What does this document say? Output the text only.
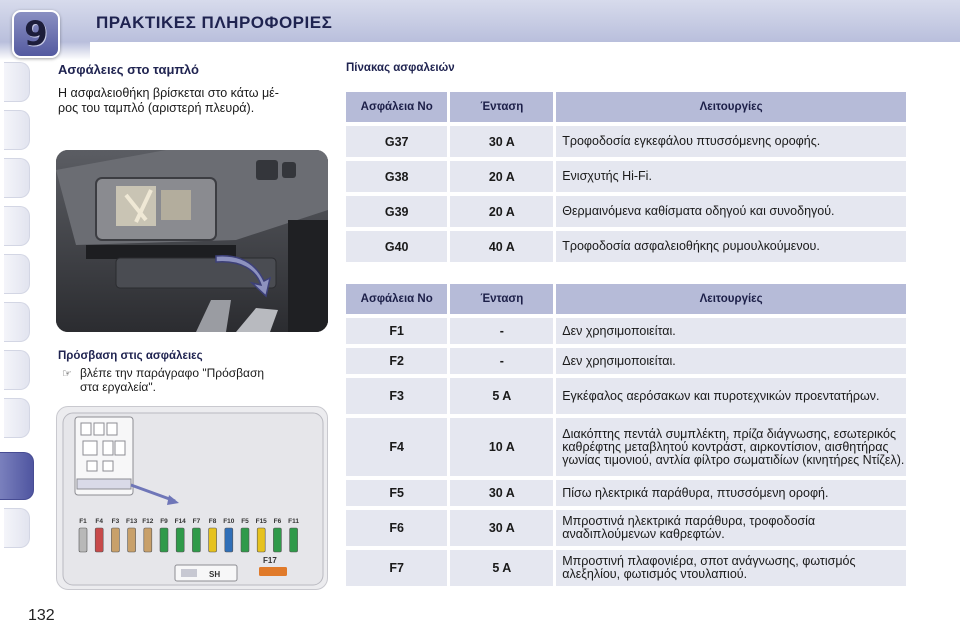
9	ΠΡΑΚΤΙΚΕΣ ΠΛΗΡΟΦΟΡΙΕΣ
Ασφάλειες στο ταμπλό
Η ασφαλειοθήκη βρίσκεται στο κάτω μέ-
ρος του ταμπλό (αριστερή πλευρά).
Πρόσβαση στις ασφάλειες
☞ βλέπε την παράγραφο "Πρόσβαση
στα εργαλεία".
F1 F4 F3 F13 F12 F9 F14 F7 F8 F10 F5 F15 F6 F11
SH
F17
132
Πίνακας ασφαλειών
Ασφάλεια Νο	Ένταση	Λειτουργίες
G37	30 A	Τροφοδοσία εγκεφάλου πτυσσόμενης οροφής.
G38	20 A	Ενισχυτής Hi-Fi.
G39	20 A	Θερμαινόμενα καθίσματα οδηγού και συνοδηγού.
G40	40 A	Τροφοδοσία ασφαλειοθήκης ρυμουλκούμενου.
Ασφάλεια Νο	Ένταση	Λειτουργίες
F1	-	Δεν χρησιμοποιείται.
F2	-	Δεν χρησιμοποιείται.
F3	5 A	Εγκέφαλος αερόσακων και πυροτεχνικών προεντατήρων.
F4	10 A	Διακόπτης πεντάλ συμπλέκτη, πρίζα διάγνωσης, εσωτερικός καθρέφτης μεταβλητού κοντράστ, αιρκοντίσιον, αισθητήρας γωνίας τιμονιού, αντλία φίλτρο σωματιδίων (κινητήρες Ντίζελ).
F5	30 A	Πίσω ηλεκτρικά παράθυρα, πτυσσόμενη οροφή.
F6	30 A	Μπροστινά ηλεκτρικά παράθυρα, τροφοδοσία αναδιπλούμενων καθρεφτών.
F7	5 A	Μπροστινή πλαφονιέρα, σποτ ανάγνωσης, φωτισμός αλεξηλίου, φωτισμός ντουλαπιού.
